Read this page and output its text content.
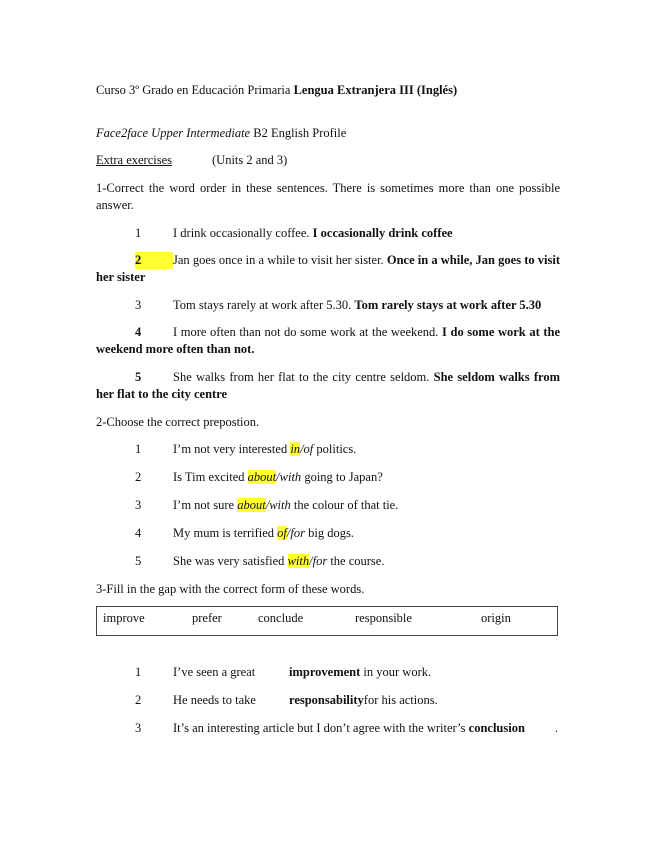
Curso 3º Grado en Educación Primaria Lengua Extranjera III (Inglés)
Face2face Upper Intermediate B2 English Profile
Extra exercises	(Units 2 and 3)
1-Correct the word order in these sentences. There is sometimes more than one possible answer.
1	I drink occasionally coffee. I occasionally drink coffee
2	Jan goes once in a while to visit her sister. Once in a while, Jan goes to visit her sister
3	Tom stays rarely at work after 5.30. Tom rarely stays at work after 5.30
4	I more often than not do some work at the weekend. I do some work at the weekend more often than not.
5	She walks from her flat to the city centre seldom. She seldom walks from her flat to the city centre
2-Choose the correct prepostion.
1	I’m not very interested in/of politics.
2	Is Tim excited about/with going to Japan?
3	I’m not sure about/with the colour of that tie.
4	My mum is terrified of/for big dogs.
5	She was very satisfied with/for the course.
3-Fill in the gap with the correct form of these words.
improve	prefer	conclude	responsible	origin
1	I’ve seen a great	improvement in your work.
2	He needs to take	responsabilityfor his actions.
3	It’s an interesting article but I don’t agree with the writer’s conclusion .
